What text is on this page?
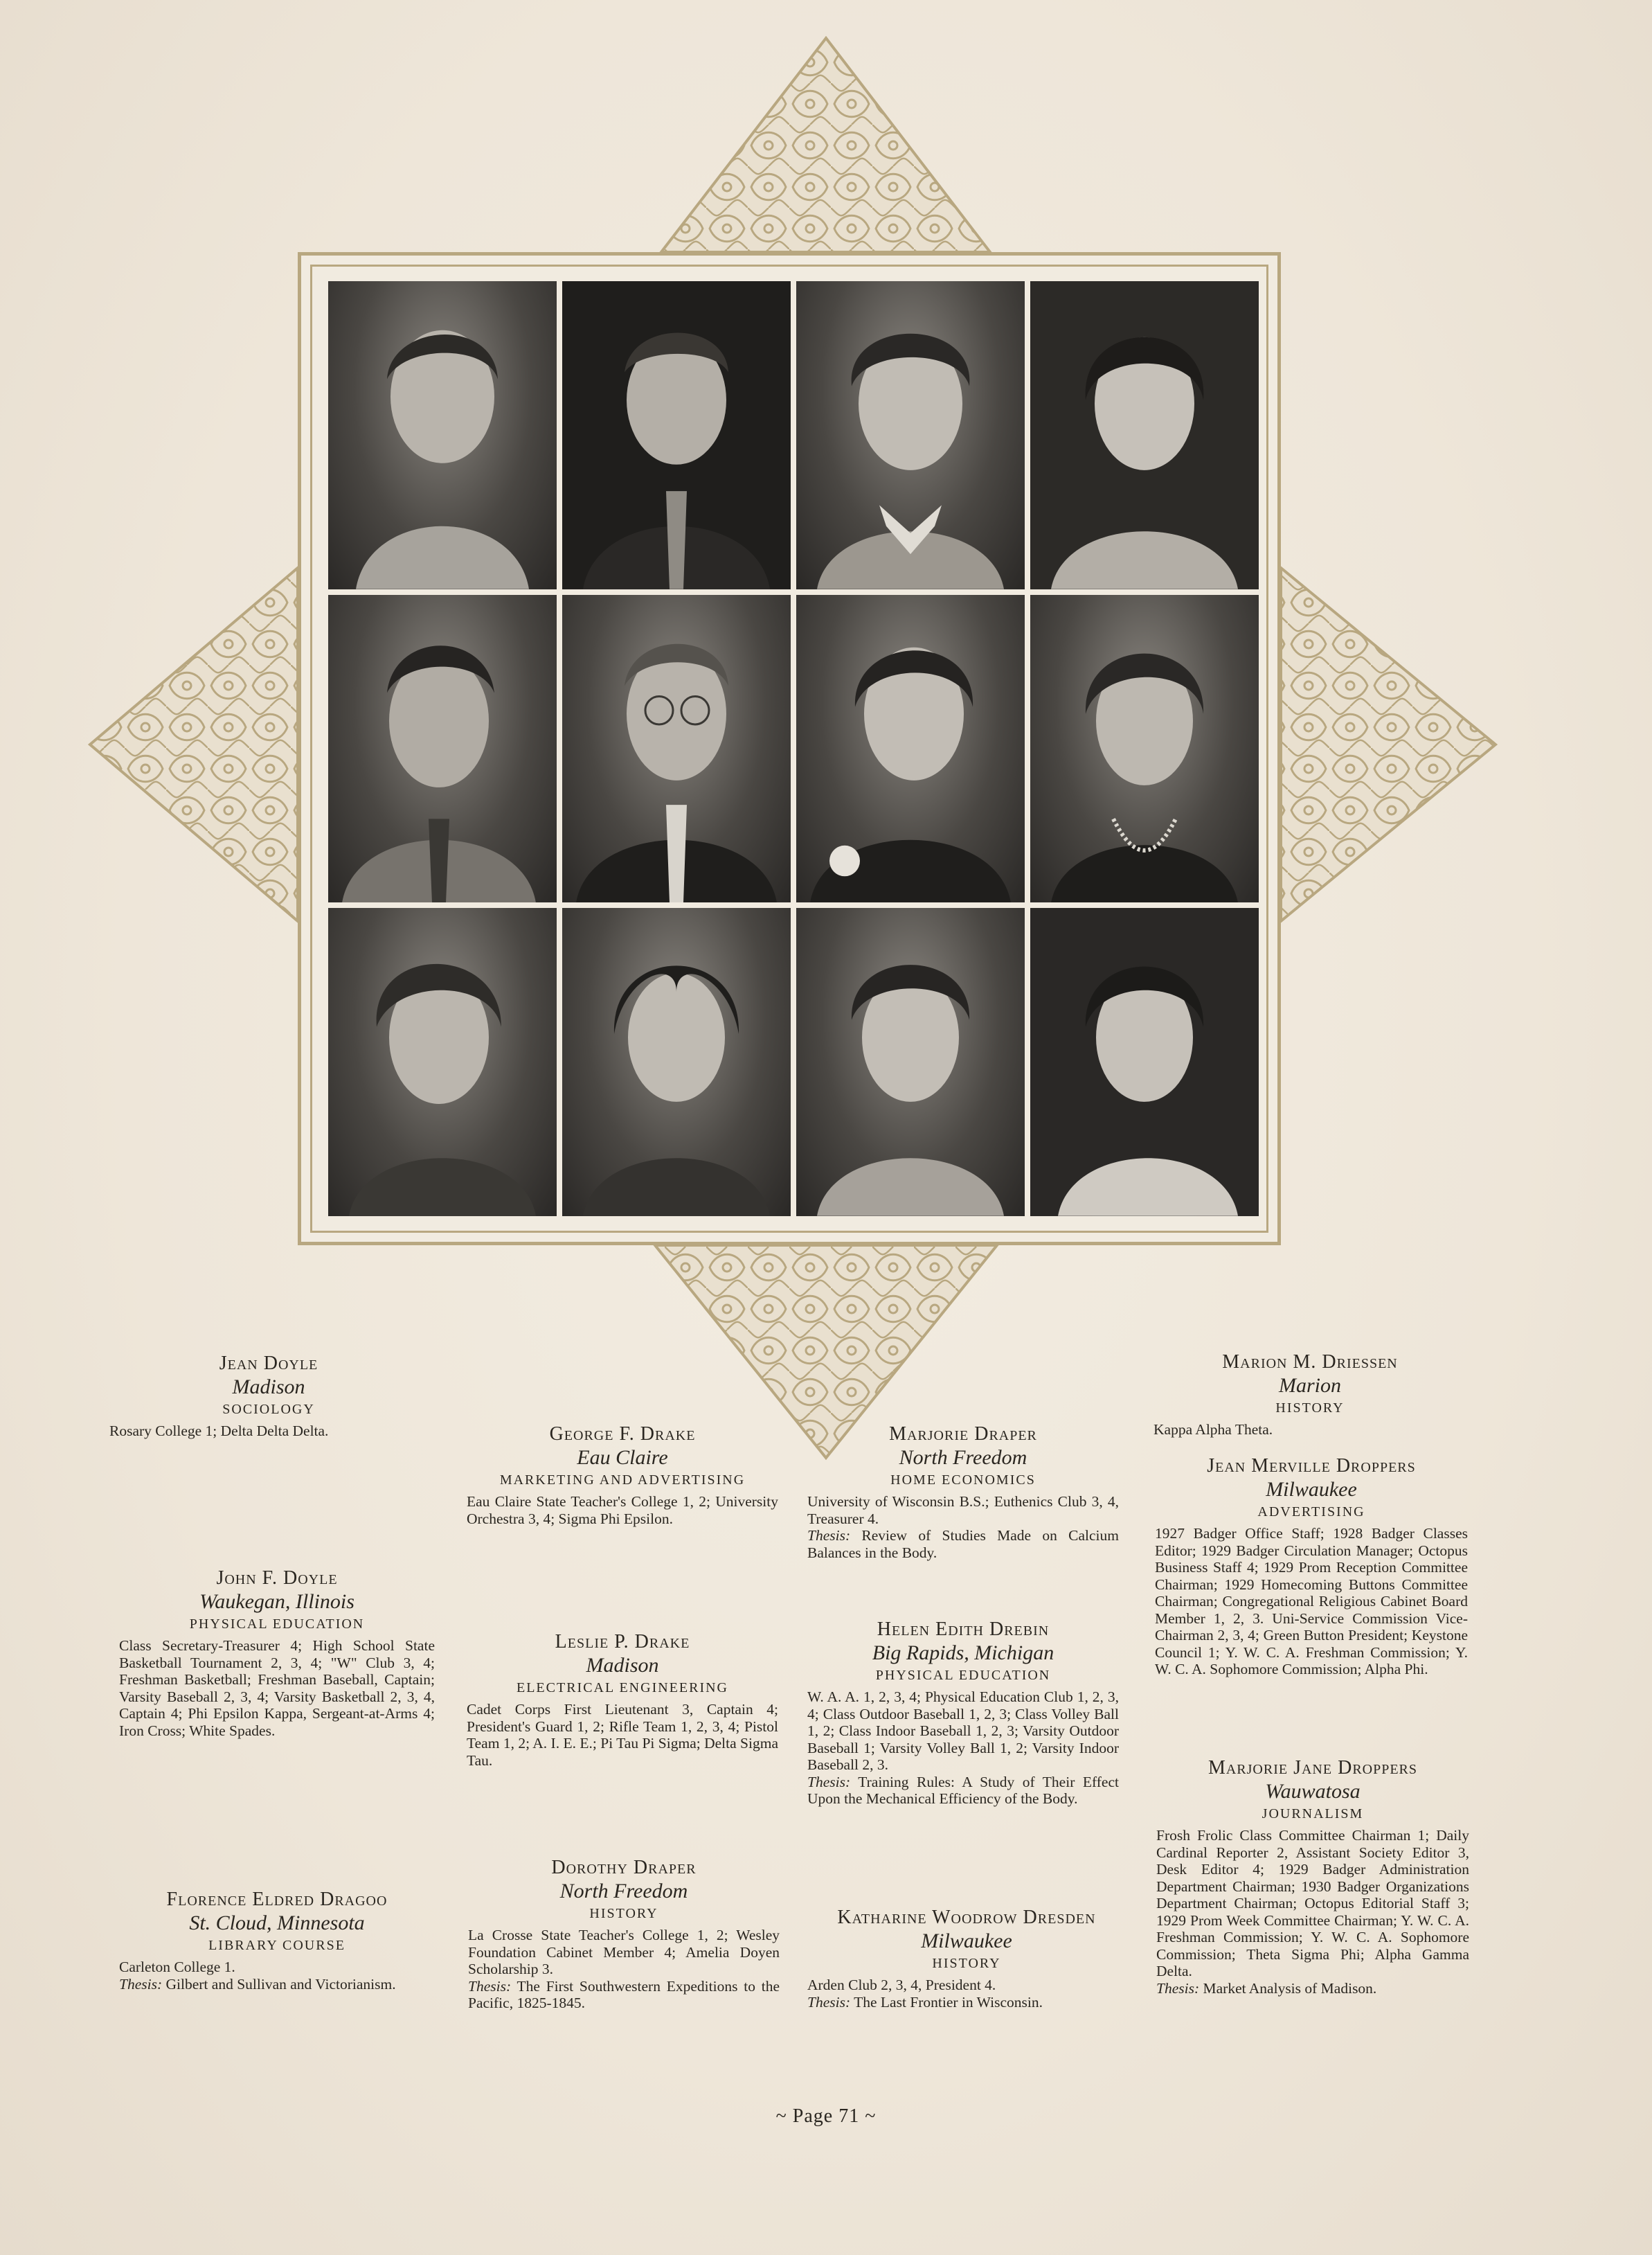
Jean Doyle
Madison
SOCIOLOGY
Rosary College 1; Delta Delta Delta.
John F. Doyle
Waukegan, Illinois
PHYSICAL EDUCATION
Class Secretary-Treasurer 4; High School State Basketball Tournament 2, 3, 4; "W" Club 3, 4; Freshman Basketball; Freshman Baseball, Captain; Varsity Baseball 2, 3, 4; Varsity Basketball 2, 3, 4, Captain 4; Phi Epsilon Kappa, Sergeant-at-Arms 4; Iron Cross; White Spades.
Florence Eldred Dragoo
St. Cloud, Minnesota
LIBRARY COURSE
Carleton College 1.
Thesis: Gilbert and Sullivan and Victorianism.
George F. Drake
Eau Claire
MARKETING AND ADVERTISING
Eau Claire State Teacher's College 1, 2; University Orchestra 3, 4; Sigma Phi Epsilon.
Leslie P. Drake
Madison
ELECTRICAL ENGINEERING
Cadet Corps First Lieutenant 3, Captain 4; President's Guard 1, 2; Rifle Team 1, 2, 3, 4; Pistol Team 1, 2; A. I. E. E.; Pi Tau Pi Sigma; Delta Sigma Tau.
Dorothy Draper
North Freedom
HISTORY
La Crosse State Teacher's College 1, 2; Wesley Foundation Cabinet Member 4; Amelia Doyen Scholarship 3.
Thesis: The First Southwestern Expeditions to the Pacific, 1825-1845.
Marjorie Draper
North Freedom
HOME ECONOMICS
University of Wisconsin B.S.; Euthenics Club 3, 4, Treasurer 4.
Thesis: Review of Studies Made on Calcium Balances in the Body.
Helen Edith Drebin
Big Rapids, Michigan
PHYSICAL EDUCATION
W. A. A. 1, 2, 3, 4; Physical Education Club 1, 2, 3, 4; Class Outdoor Baseball 1, 2, 3; Class Volley Ball 1, 2; Class Indoor Baseball 1, 2, 3; Varsity Outdoor Baseball 1; Varsity Volley Ball 1, 2; Varsity Indoor Baseball 2, 3.
Thesis: Training Rules: A Study of Their Effect Upon the Mechanical Efficiency of the Body.
Katharine Woodrow Dresden
Milwaukee
HISTORY
Arden Club 2, 3, 4, President 4.
Thesis: The Last Frontier in Wisconsin.
Marion M. Driessen
Marion
HISTORY
Kappa Alpha Theta.
Jean Merville Droppers
Milwaukee
ADVERTISING
1927 Badger Office Staff; 1928 Badger Classes Editor; 1929 Badger Circulation Manager; Octopus Business Staff 4; 1929 Prom Reception Committee Chairman; 1929 Homecoming Buttons Committee Chairman; Congregational Religious Cabinet Board Member 1, 2, 3. Uni-Service Commission Vice-Chairman 2, 3, 4; Green Button President; Keystone Council 1; Y. W. C. A. Freshman Commission; Y. W. C. A. Sophomore Commission; Alpha Phi.
Marjorie Jane Droppers
Wauwatosa
JOURNALISM
Frosh Frolic Class Committee Chairman 1; Daily Cardinal Reporter 2, Assistant Society Editor 3, Desk Editor 4; 1929 Badger Administration Department Chairman; 1930 Badger Organizations Department Chairman; Octopus Editorial Staff 3; 1929 Prom Week Committee Chairman; Y. W. C. A. Freshman Commission; Y. W. C. A. Sophomore Commission; Theta Sigma Phi; Alpha Gamma Delta.
Thesis: Market Analysis of Madison.
~ Page 71 ~
